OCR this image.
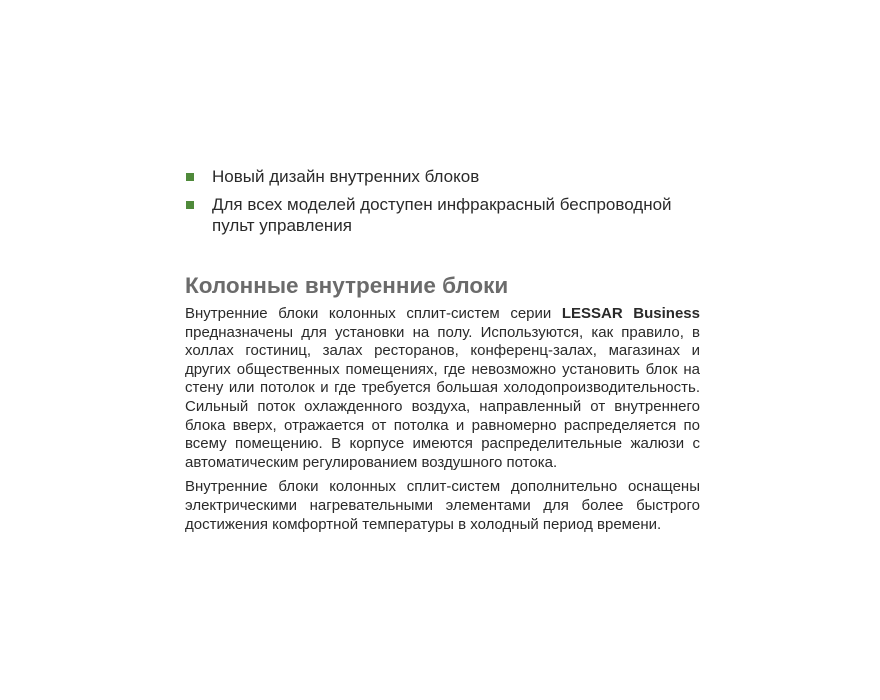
Новый дизайн внутренних блоков
Для всех моделей доступен инфракрасный беспроводной пульт управления
Колонные внутренние блоки

Внутренние блоки колонных сплит-систем серии LESSAR Business предназначены для установки на полу. Используются, как правило, в холлах гостиниц, залах ресторанов, конференц-залах, магазинах и других общественных помещениях, где невозможно установить блок на стену или потолок и где требуется большая холодопроизводительность. Сильный поток охлажденного воздуха, направленный от внутреннего блока вверх, отражается от потолка и равномерно распределяется по всему помещению. В корпусе имеются распределительные жалюзи с автоматическим регулированием воздушного потока.

Внутренние блоки колонных сплит-систем дополнительно оснащены электрическими нагревательными элементами для более быстрого достижения комфортной температуры в холодный период времени.
